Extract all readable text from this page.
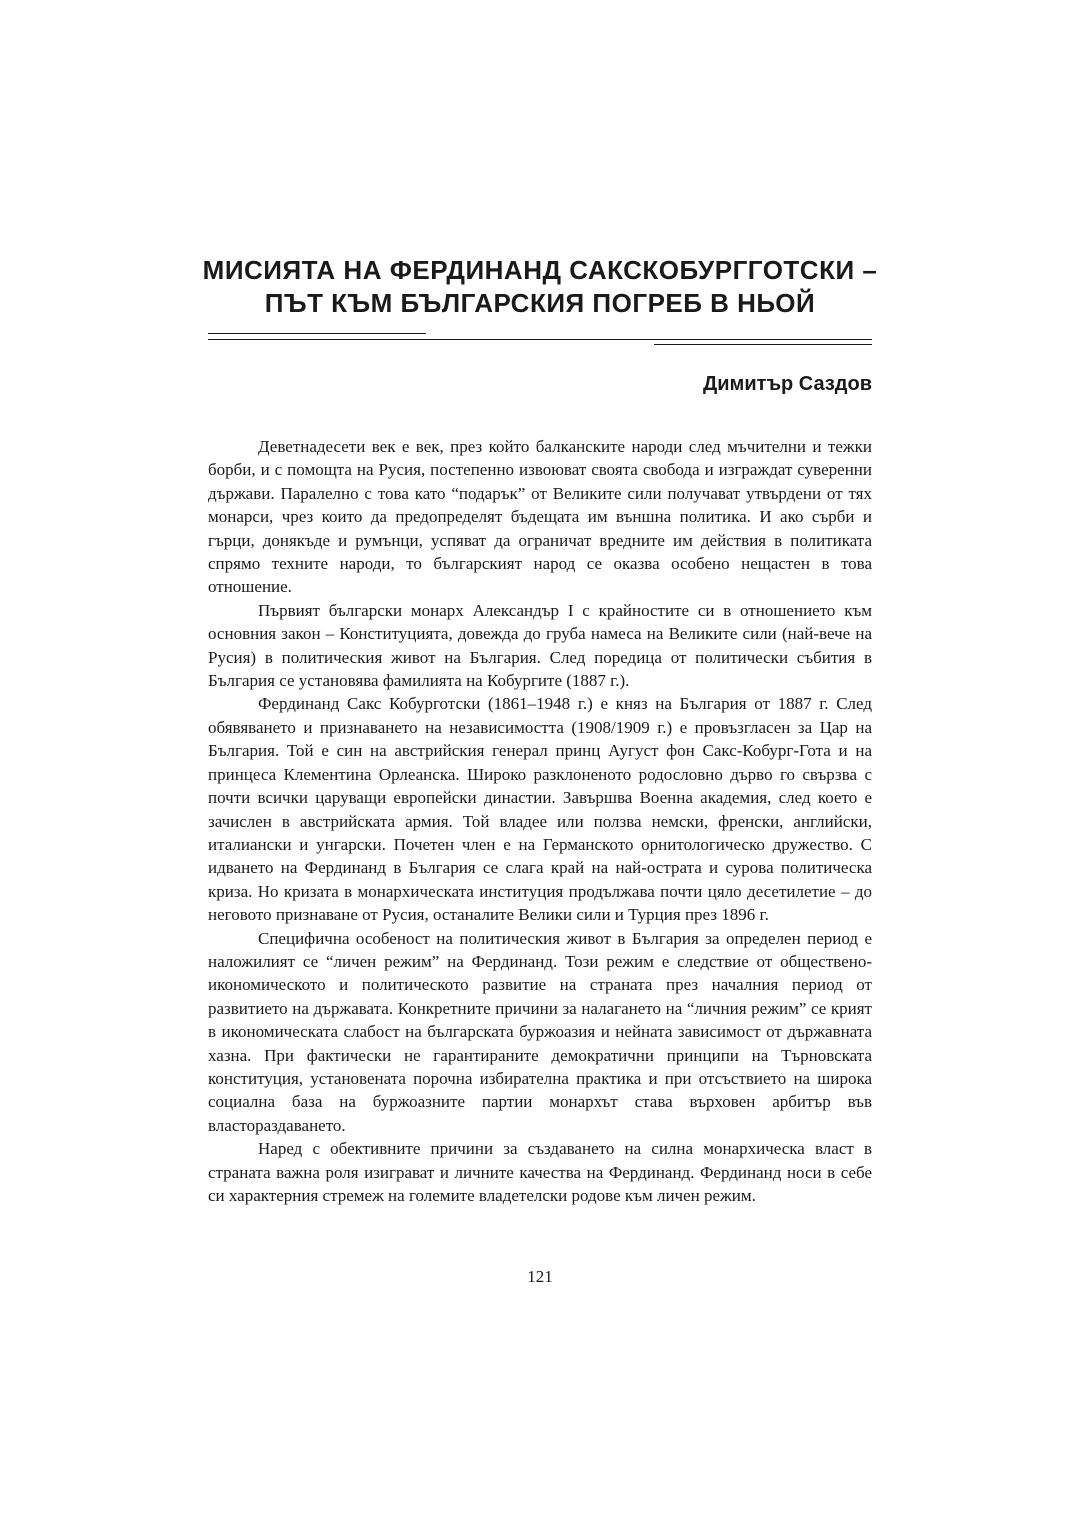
МИСИЯТА НА ФЕРДИНАНД САКСКОБУРГГОТСКИ –
ПЪТ КЪМ БЪЛГАРСКИЯ ПОГРЕБ В НЬОЙ

Димитър Саздов

Деветнадесети век е век, през който балканските народи след мъчителни и тежки борби, и с помощта на Русия, постепенно извоюват своята свобода и изграждат суверенни държави. Паралелно с това като “подарък” от Великите сили получават утвърдени от тях монарси, чрез които да предопределят бъдещата им външна политика. И ако сърби и гърци, донякъде и румънци, успяват да ограничат вредните им действия в политиката спрямо техните народи, то българският народ се оказва особено нещастен в това отношение.

Първият български монарх Александър I с крайностите си в отношението към основния закон – Конституцията, довежда до груба намеса на Великите сили (най-вече на Русия) в политическия живот на България. След поредица от политически събития в България се установява фамилията на Кобургите (1887 г.).

Фердинанд Сакс Кобурготски (1861–1948 г.) е княз на България от 1887 г. След обявяването и признаването на независимостта (1908/1909 г.) е провъзгласен за Цар на България. Той е син на австрийския генерал принц Аугуст фон Сакс-Кобург-Гота и на принцеса Клементина Орлеанска. Широко разклоненото родословно дърво го свързва с почти всички царуващи европейски династии. Завършва Военна академия, след което е зачислен в австрийската армия. Той владее или ползва немски, френски, английски, италиански и унгарски. Почетен член е на Германското орнитологическо дружество. С идването на Фердинанд в България се слага край на най-острата и сурова политическа криза. Но кризата в монархическата институция продължава почти цяло десетилетие – до неговото признаване от Русия, останалите Велики сили и Турция през 1896 г.

Специфична особеност на политическия живот в България за определен период е наложилият се “личен режим” на Фердинанд. Този режим е следствие от обществено-икономическото и политическото развитие на страната през началния период от развитието на държавата. Конкретните причини за налагането на “личния режим” се крият в икономическата слабост на българската буржоазия и нейната зависимост от държавната хазна. При фактически не гарантираните демократични принципи на Търновската конституция, установената порочна избирателна практика и при отсъствието на широка социална база на буржоазните партии монархът става върховен арбитър във властораздаването.

Наред с обективните причини за създаването на силна монархическа власт в страната важна роля изиграват и личните качества на Фердинанд. Фердинанд носи в себе си характерния стремеж на големите владетелски родове към личен режим.

121
